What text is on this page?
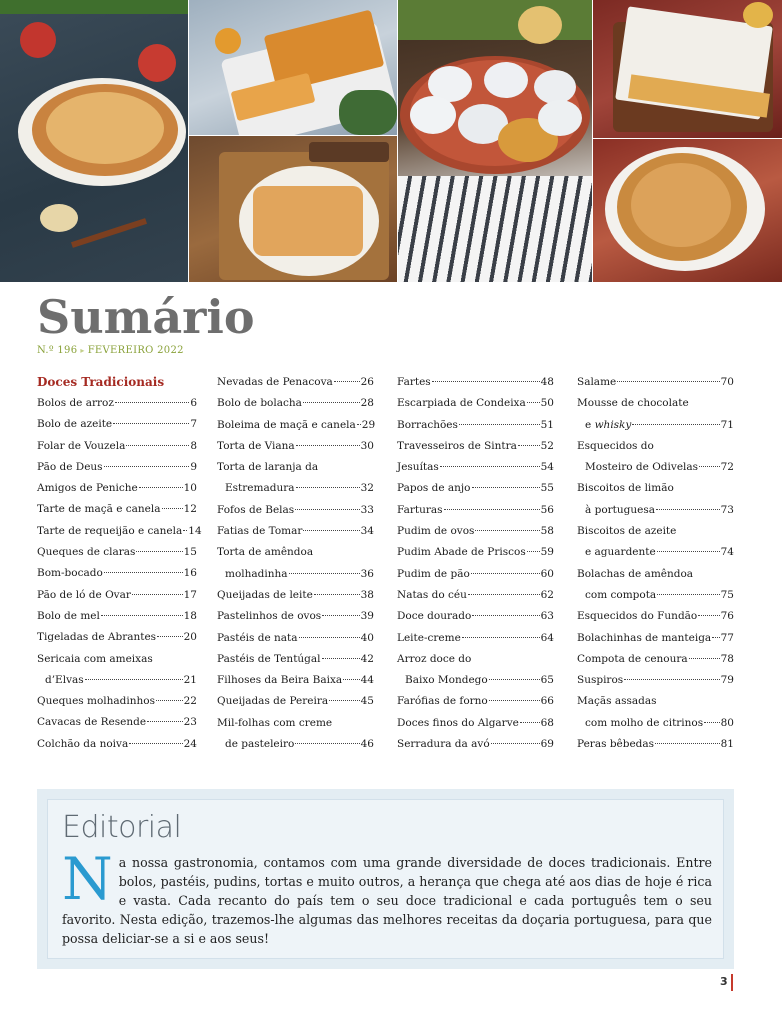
Sumário
N.º 196 ▸ FEVEREIRO 2022
Doces Tradicionais
Bolos de arroz	6
Bolo de azeite	7
Folar de Vouzela	8
Pão de Deus	9
Amigos de Peniche	10
Tarte de maçã e canela 12
Tarte de requeijão e canela 14
Queques de claras	15
Bom-bocado	16
Pão de ló de Ovar	17
Bolo de mel	18
Tigeladas de Abrantes	20
Sericaia com ameixas
d’Elvas	21
Queques molhadinhos	22
Cavacas de Resende	23
Colchão da noiva	24
Nevadas de Penacova	26
Bolo de bolacha	28
Boleima de maçã e canela 29
Torta de Viana	30
Torta de laranja da
Estremadura	32
Fofos de Belas	33
Fatias de Tomar	34
Torta de amêndoa
molhadinha	36
Queijadas de leite	38
Pastelinhos de ovos	39
Pastéis de nata	40
Pastéis de Tentúgal	42
Filhoses da Beira Baixa 44
Queijadas de Pereira	45
Mil-folhas com creme
de pasteleiro	46
Fartes	48
Escarpiada de Condeixa 50
Borrachões	51
Travesseiros de Sintra 52
Jesuítas	54
Papos de anjo	55
Farturas	56
Pudim de ovos	58
Pudim Abade de Priscos 59
Pudim de pão	60
Natas do céu	62
Doce dourado	63
Leite-creme	64
Arroz doce do
Baixo Mondego	65
Farófias de forno	66
Doces finos do Algarve 68
Serradura da avó	69
Salame	70
Mousse de chocolate
e whisky	71
Esquecidos do
Mosteiro de Odivelas 72
Biscoitos de limão
à portuguesa	73
Biscoitos de azeite
e aguardente	74
Bolachas de amêndoa
com compota	75
Esquecidos do Fundão 76
Bolachinhas de manteiga 77
Compota de cenoura	78
Suspiros	79
Maçãs assadas
com molho de citrinos 80
Peras bêbedas	81
Editorial
Na nossa gastronomia, contamos com uma grande diversidade de doces tradicionais. Entre bolos, pastéis, pudins, tortas e muito outros, a herança que chega até aos dias de hoje é rica e vasta. Cada recanto do país tem o seu doce tradicional e cada português tem o seu favorito. Nesta edição, trazemos-lhe algumas das melhores receitas da doçaria portuguesa, para que possa deliciar-se a si e aos seus!
3
